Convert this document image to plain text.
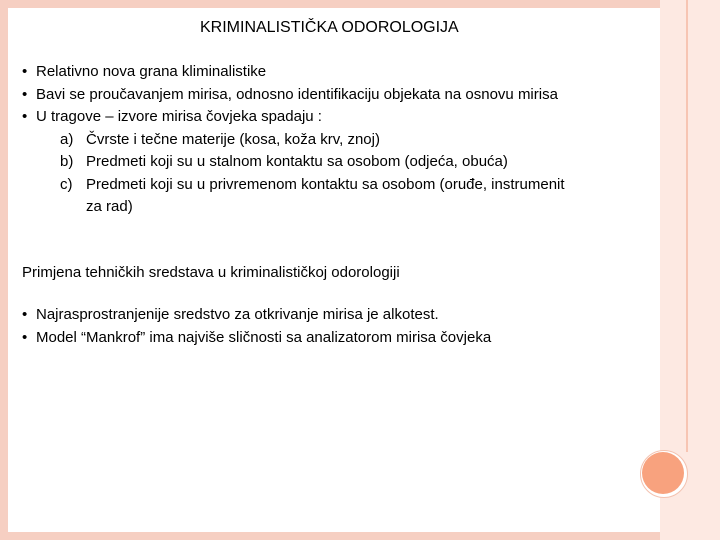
KRIMINALISTIČKA ODOROLOGIJA
• Relativno nova grana kliminalistike
• Bavi se proučavanjem mirisa, odnosno identifikaciju objekata na osnovu mirisa
• U tragove – izvore mirisa čovjeka spadaju :
a) Čvrste i tečne materije (kosa, koža krv, znoj)
b) Predmeti koji su u stalnom kontaktu sa osobom (odjeća, obuća)
c) Predmeti koji su u privremenom kontaktu sa osobom (oruđe, instrumenit
za rad)
Primjena tehničkih sredstava u kriminalističkoj odorologiji
• Najrasprostranjenije sredstvo za otkrivanje mirisa je alkotest.
• Model “Mankrof” ima najviše sličnosti sa analizatorom mirisa čovjeka
